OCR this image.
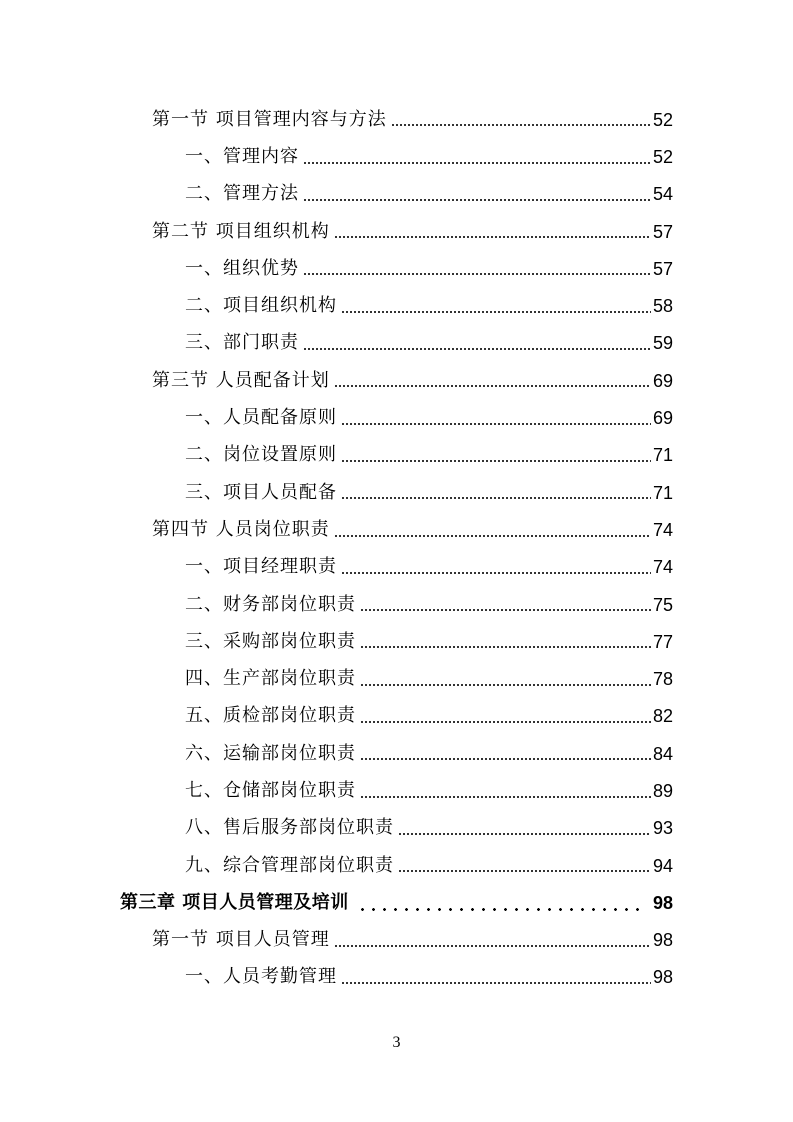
第一节 项目管理内容与方法	52
一、管理内容	52
二、管理方法	54
第二节 项目组织机构	57
一、组织优势	57
二、项目组织机构	58
三、部门职责	59
第三节 人员配备计划	69
一、人员配备原则	69
二、岗位设置原则	71
三、项目人员配备	71
第四节 人员岗位职责	74
一、项目经理职责	74
二、财务部岗位职责	75
三、采购部岗位职责	77
四、生产部岗位职责	78
五、质检部岗位职责	82
六、运输部岗位职责	84
七、仓储部岗位职责	89
八、售后服务部岗位职责	93
九、综合管理部岗位职责	94
第三章 项目人员管理及培训	98
第一节 项目人员管理	98
一、人员考勤管理	98
3
